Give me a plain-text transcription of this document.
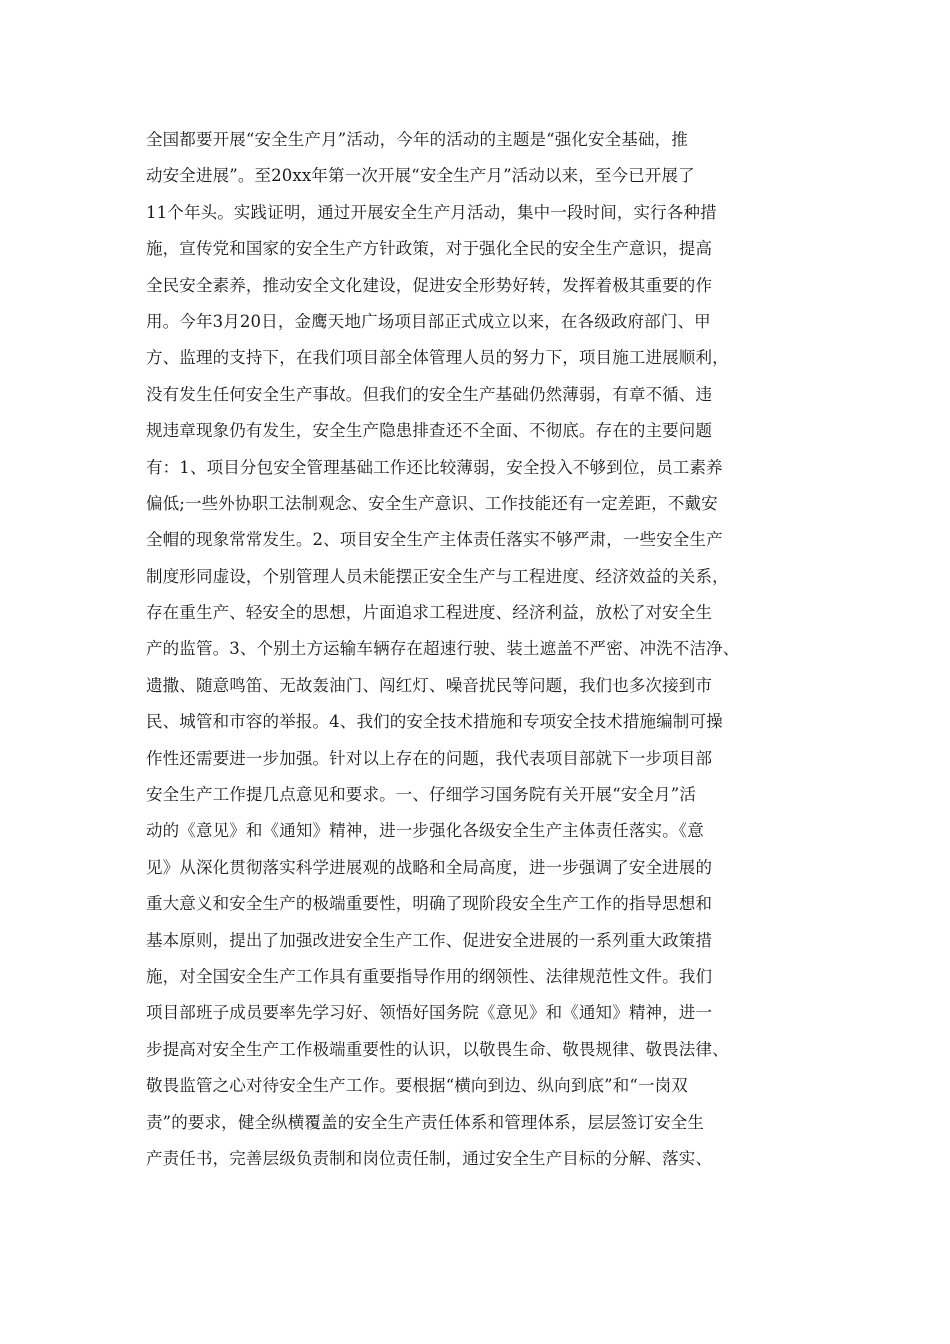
全国都要开展“安全生产月”活动，今年的活动的主题是“强化安全基础，推
动安全进展”。至20xx年第一次开展“安全生产月”活动以来，至今已开展了
11个年头。实践证明，通过开展安全生产月活动，集中一段时间，实行各种措
施，宣传党和国家的安全生产方针政策，对于强化全民的安全生产意识，提高
全民安全素养，推动安全文化建设，促进安全形势好转，发挥着极其重要的作
用。今年3月20日，金鹰天地广场项目部正式成立以来，在各级政府部门、甲
方、监理的支持下，在我们项目部全体管理人员的努力下，项目施工进展顺利，
没有发生任何安全生产事故。但我们的安全生产基础仍然薄弱，有章不循、违
规违章现象仍有发生，安全生产隐患排查还不全面、不彻底。存在的主要问题
有：1、项目分包安全管理基础工作还比较薄弱，安全投入不够到位，员工素养
偏低;一些外协职工法制观念、安全生产意识、工作技能还有一定差距，不戴安
全帽的现象常常发生。2、项目安全生产主体责任落实不够严肃，一些安全生产
制度形同虚设，个别管理人员未能摆正安全生产与工程进度、经济效益的关系，
存在重生产、轻安全的思想，片面追求工程进度、经济利益，放松了对安全生
产的监管。3、个别土方运输车辆存在超速行驶、装土遮盖不严密、冲洗不洁净、
遗撒、随意鸣笛、无故轰油门、闯红灯、噪音扰民等问题，我们也多次接到市
民、城管和市容的举报。4、我们的安全技术措施和专项安全技术措施编制可操
作性还需要进一步加强。针对以上存在的问题，我代表项目部就下一步项目部
安全生产工作提几点意见和要求。一、仔细学习国务院有关开展“安全月”活
动的《意见》和《通知》精神，进一步强化各级安全生产主体责任落实。《意
见》从深化贯彻落实科学进展观的战略和全局高度，进一步强调了安全进展的
重大意义和安全生产的极端重要性，明确了现阶段安全生产工作的指导思想和
基本原则，提出了加强改进安全生产工作、促进安全进展的一系列重大政策措
施，对全国安全生产工作具有重要指导作用的纲领性、法律规范性文件。我们
项目部班子成员要率先学习好、领悟好国务院《意见》和《通知》精神，进一
步提高对安全生产工作极端重要性的认识，以敬畏生命、敬畏规律、敬畏法律、
敬畏监管之心对待安全生产工作。要根据“横向到边、纵向到底”和“一岗双
责”的要求，健全纵横覆盖的安全生产责任体系和管理体系，层层签订安全生
产责任书，完善层级负责制和岗位责任制，通过安全生产目标的分解、落实、
